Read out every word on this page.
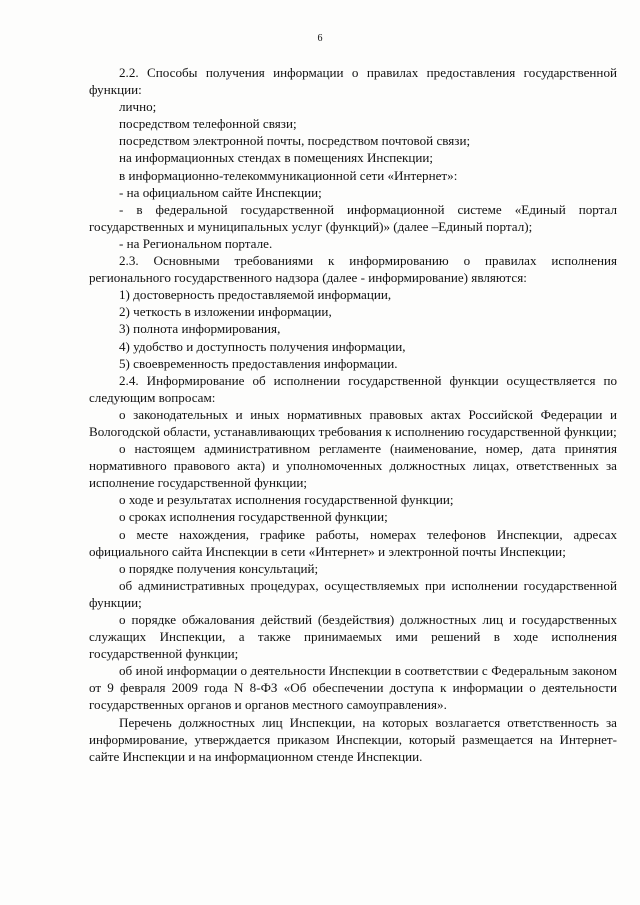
6

2.2. Способы получения информации о правилах предоставления государственной функции:

лично;

посредством телефонной связи;

посредством электронной почты, посредством почтовой связи;

на информационных стендах в помещениях Инспекции;

в информационно-телекоммуникационной сети «Интернет»:

- на официальном сайте Инспекции;

- в федеральной государственной информационной системе «Единый портал государственных и муниципальных услуг (функций)» (далее –Единый портал);

- на Региональном портале.

2.3. Основными требованиями к информированию о правилах исполнения регионального государственного надзора (далее - информирование) являются:

1) достоверность предоставляемой информации,

2) четкость в изложении информации,

3) полнота информирования,

4) удобство и доступность получения информации,

5) своевременность предоставления информации.

2.4. Информирование об исполнении государственной функции осуществляется по следующим вопросам:

о законодательных и иных нормативных правовых актах Российской Федерации и Вологодской области, устанавливающих требования к исполнению государственной функции;

о настоящем административном регламенте (наименование, номер, дата принятия нормативного правового акта) и уполномоченных должностных лицах, ответственных за исполнение государственной функции;

о ходе и результатах исполнения государственной функции;

о сроках исполнения государственной функции;

о месте нахождения, графике работы, номерах телефонов Инспекции, адресах официального сайта Инспекции в сети «Интернет» и электронной почты Инспекции;

о порядке получения консультаций;

об административных процедурах, осуществляемых при исполнении государственной функции;

о порядке обжалования действий (бездействия) должностных лиц и государственных служащих Инспекции, а также принимаемых ими решений в ходе исполнения государственной функции;

об иной информации о деятельности Инспекции в соответствии с Федеральным законом от 9 февраля 2009 года N 8-ФЗ «Об обеспечении доступа к информации о деятельности государственных органов и органов местного самоуправления».

Перечень должностных лиц Инспекции, на которых возлагается ответственность за информирование, утверждается приказом Инспекции, который размещается на Интернет-сайте Инспекции и на информационном стенде Инспекции.
